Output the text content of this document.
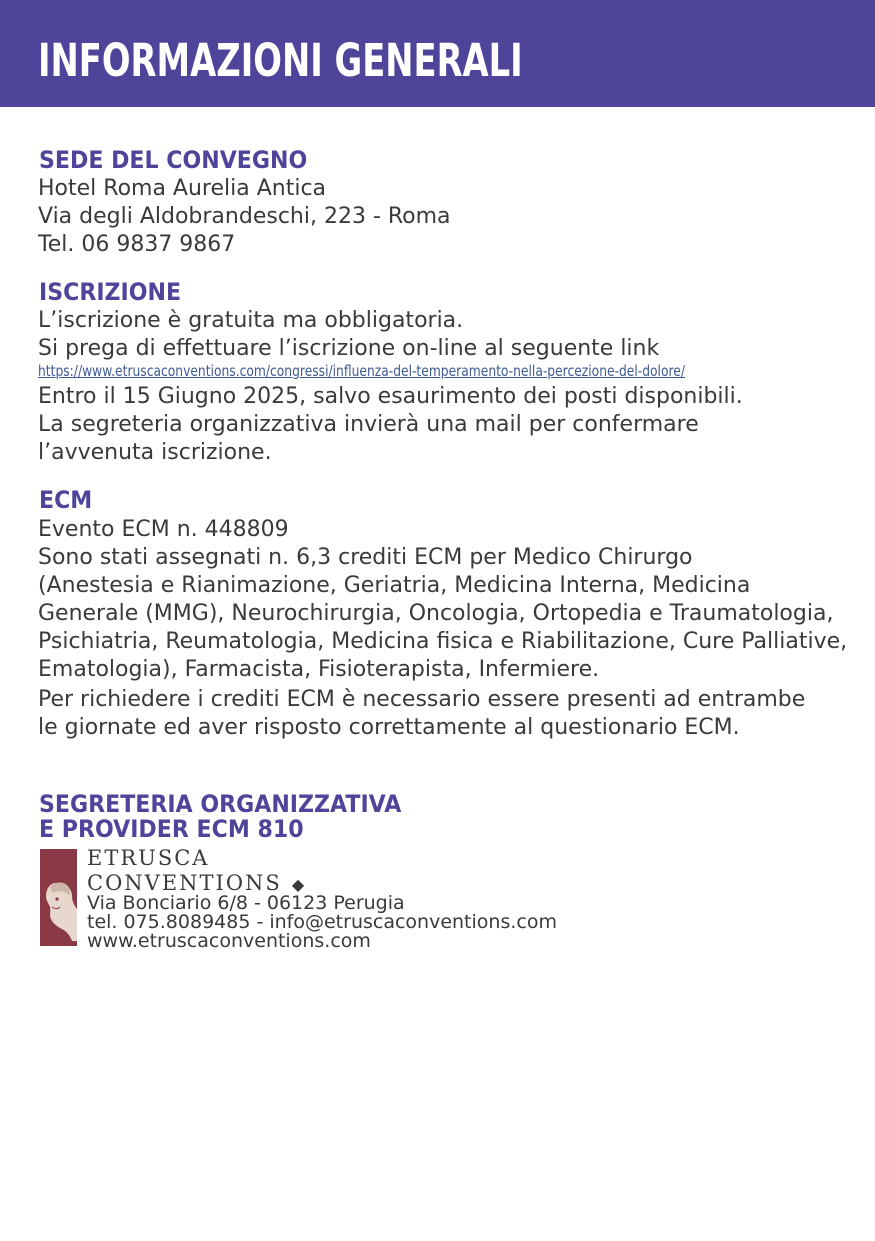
INFORMAZIONI GENERALI
SEDE DEL CONVEGNO
Hotel Roma Aurelia Antica
Via degli Aldobrandeschi, 223 - Roma
Tel. 06 9837 9867
ISCRIZIONE
L’iscrizione è gratuita ma obbligatoria.
Si prega di effettuare l’iscrizione on-line al seguente link
https://www.etruscaconventions.com/congressi/influenza-del-temperamento-nella-percezione-del-dolore/
Entro il 15 Giugno 2025, salvo esaurimento dei posti disponibili.
La segreteria organizzativa invierà una mail per confermare
l’avvenuta iscrizione.
ECM
Evento ECM n. 448809
Sono stati assegnati n. 6,3 crediti ECM per Medico Chirurgo
(Anestesia e Rianimazione, Geriatria, Medicina Interna, Medicina
Generale (MMG), Neurochirurgia, Oncologia, Ortopedia e Traumatologia,
Psichiatria, Reumatologia, Medicina fisica e Riabilitazione, Cure Palliative,
Ematologia), Farmacista, Fisioterapista, Infermiere.
Per richiedere i crediti ECM è necessario essere presenti ad entrambe
le giornate ed aver risposto correttamente al questionario ECM.
SEGRETERIA ORGANIZZATIVA
E PROVIDER ECM 810
ETRUSCA
CONVENTIONS ◆
Via Bonciario 6/8 - 06123 Perugia
tel. 075.8089485 - info@etruscaconventions.com
www.etruscaconventions.com
